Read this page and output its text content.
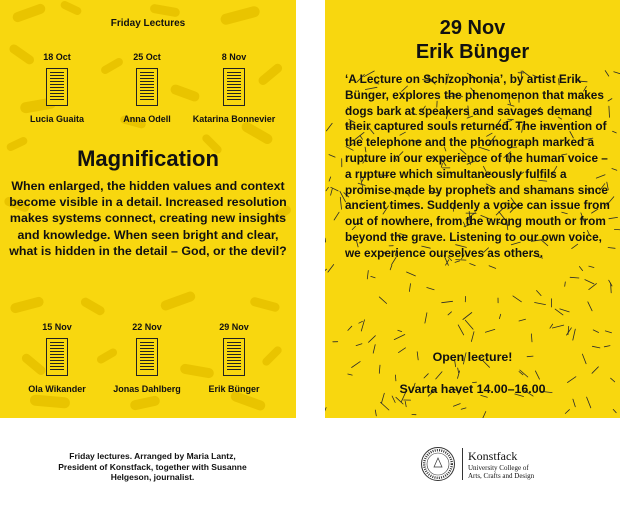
Friday Lectures
18 Oct
Lucia Guaita
25 Oct
Anna Odell
8 Nov
Katarina Bonnevier
Magnification
When enlarged, the hidden values and context become visible in a detail. Increased resolution makes systems connect, creating new insights and knowledge. When seen bright and clear, what is hidden in the detail – God, or the devil?
15 Nov
Ola Wikander
22 Nov
Jonas Dahlberg
29 Nov
Erik Bünger
29 Nov
Erik Bünger
‘A Lecture on Schizophonia’, by artist Erik Bünger, explores the phenomenon that makes dogs bark at speakers and savages demand their captured souls returned. The invention of the telephone and the phonograph marked a rupture in our experience of the human voice – a rupture which simultaneously fulfils a promise made by prophets and shamans since ancient times. Suddenly a voice can issue from out of nowhere, from the wrong mouth or from beyond the grave. Listening to our own voice, we experience ourselves as others.
Open lecture!
Svarta havet 14.00–16.00
Friday lectures. Arranged by Maria Lantz, President of Konstfack, together with Susanne Helgeson, journalist.
Konstfack
University College of
Arts, Crafts and Design
